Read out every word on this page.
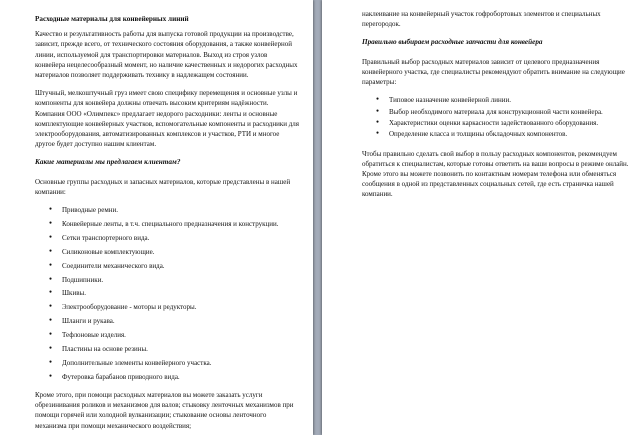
Расходные материалы для конвейерных линий

Качество и результативность работы для выпуска готовой продукции на производстве, зависит, прежде всего, от технического состояния оборудования, а также конвейерной линии, используемой для транспортировки материалов. Выход из строя узлов конвейера нецелесообразный момент, но наличие качественных и недорогих расходных материалов позволяет поддерживать технику в надлежащем состоянии.

Штучный, мелкоштучный груз имеет свою специфику перемещения и основные узлы и компоненты для конвейера должны отвечать высоким критериям надёжности. Компания ООО «Олимпекс» предлагает недорого расходники: ленты и основные комплектующие конвейерных участков, вспомогательные компоненты и расходники для электрооборудования, автоматизированных комплексов и участков, РТИ и многое другое будет доступно нашим клиентам.

Какие материалы мы предлагаем клиентам?

Основные группы расходных и запасных материалов, которые представлены в нашей компании:

● Приводные ремни.
● Конвейерные ленты, в т.ч. специального предназначения и конструкции.
● Сетки транспортерного вида.
● Силиконовые комплектующие.
● Соединители механического вида.
● Подшипники.
● Шкивы.
● Электрооборудование - моторы и редукторы.
● Шланги и рукава.
● Тефлоновые изделия.
● Пластины на основе резины.
● Дополнительные элементы конвейерного участка.
● Футеровка барабанов приводного вида.

Кроме этого, при помощи расходных материалов вы можете заказать услуги обрезинивания роликов и механизмов для валов; стыковку ленточных механизмов при помощи горячей или холодной вулканизации; стыкование основы ленточного механизма при помощи механического воздействия;

наклеивание на конвейерный участок гофробортовых элементов и специальных перегородок.

Правильно выбираем расходные запчасти для конвейера

Правильный выбор расходных материалов зависит от целевого предназначения конвейерного участка, где специалисты рекомендуют обратить внимание на следующие параметры:

● Типовое назначение конвейерной линии.
● Выбор необходимого материала для конструкционной части конвейера.
● Характеристики оценки каркасности задействованного оборудования.
● Определение класса и толщины обкладочных компонентов.

Чтобы правильно сделать свой выбор в пользу расходных компонентов, рекомендуем обратиться к специалистам, которые готовы ответить на ваши вопросы в режиме онлайн. Кроме этого вы можете позвонить по контактным номерам телефона или обменяться сообщения в одной из представленных социальных сетей, где есть страничка нашей компании.
